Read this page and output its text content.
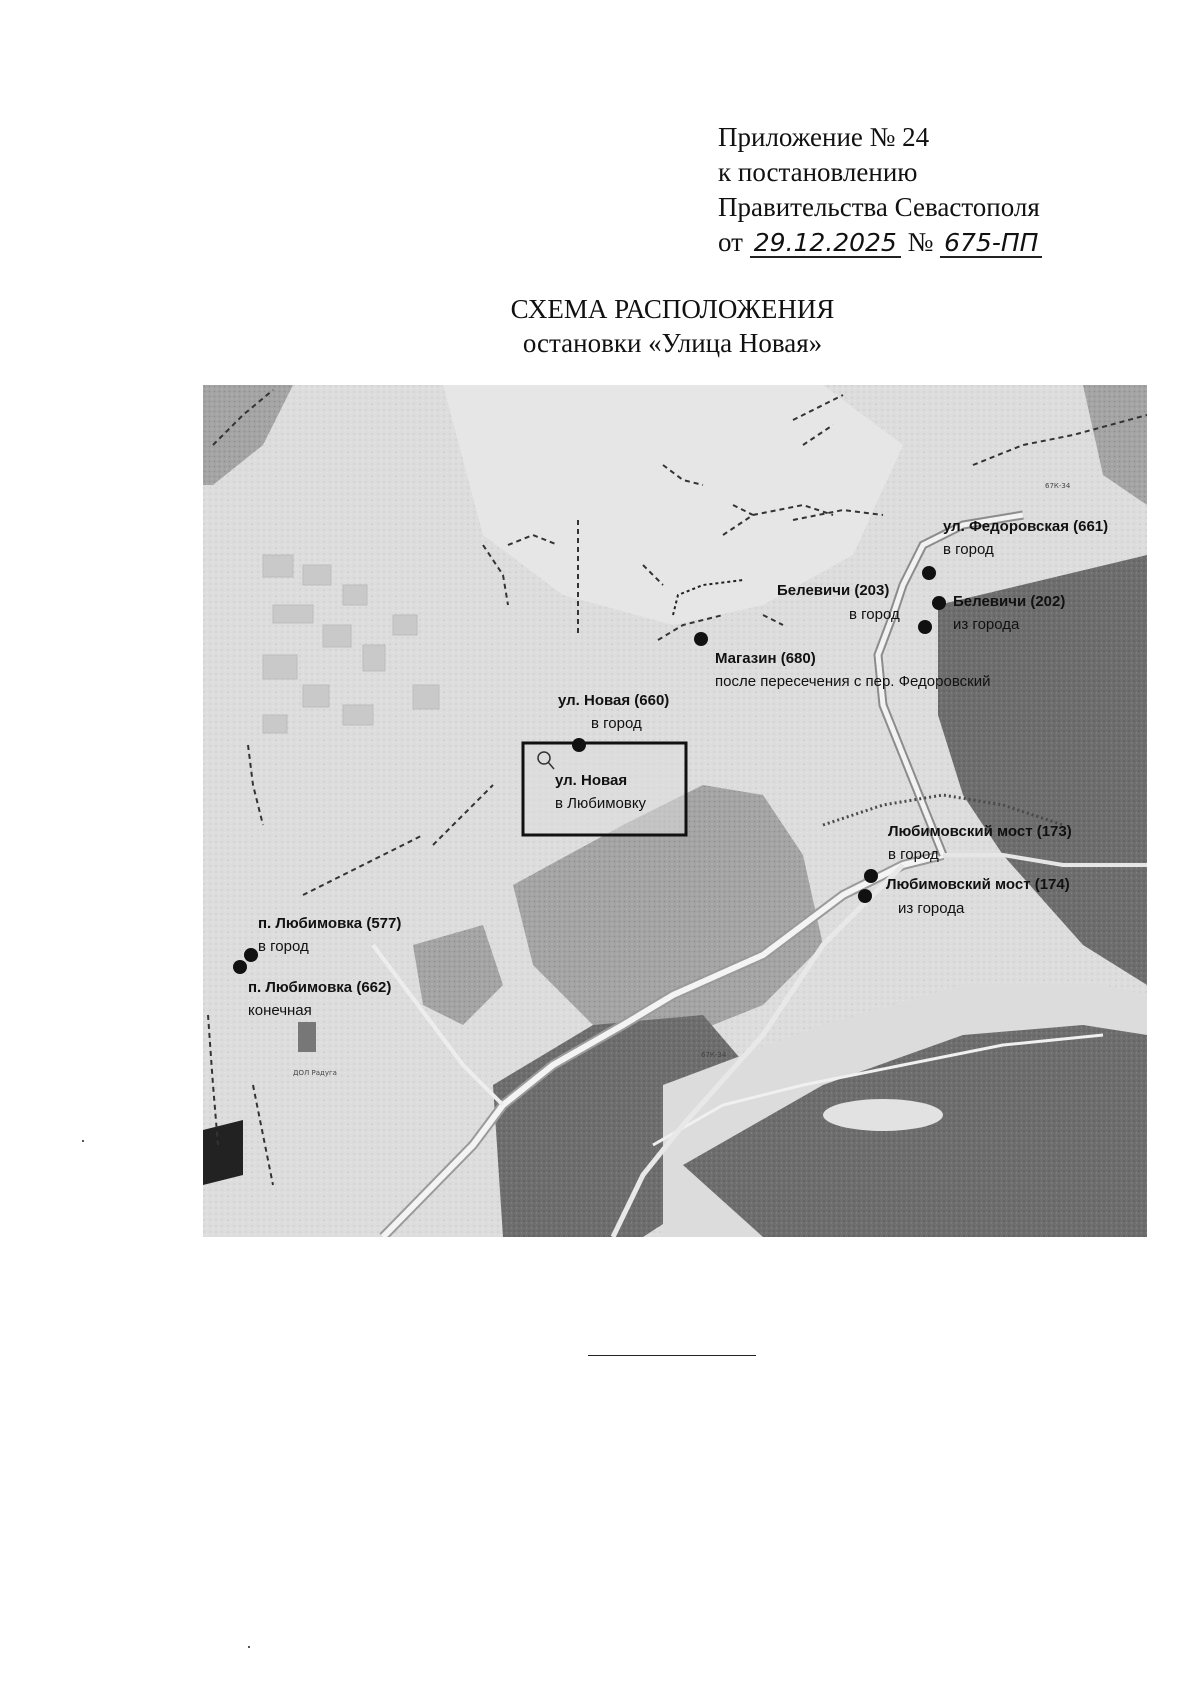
Приложение № 24
к постановлению
Правительства Севастополя
от 29.12.2025 № 675-ПП
СХЕМА РАСПОЛОЖЕНИЯ
остановки «Улица Новая»
67К-34
67К-34
ДОЛ Радуга
ул. Новая
в Любимовку
ул. Федоровская (661)
в город
Белевичи (203)
в город
Белевичи (202)
из города
Магазин (680)
после пересечения с пер. Федоровский
ул. Новая (660)
в город
Любимовский мост (173)
в город
Любимовский мост (174)
из города
п. Любимовка (577)
в город
п. Любимовка (662)
конечная
